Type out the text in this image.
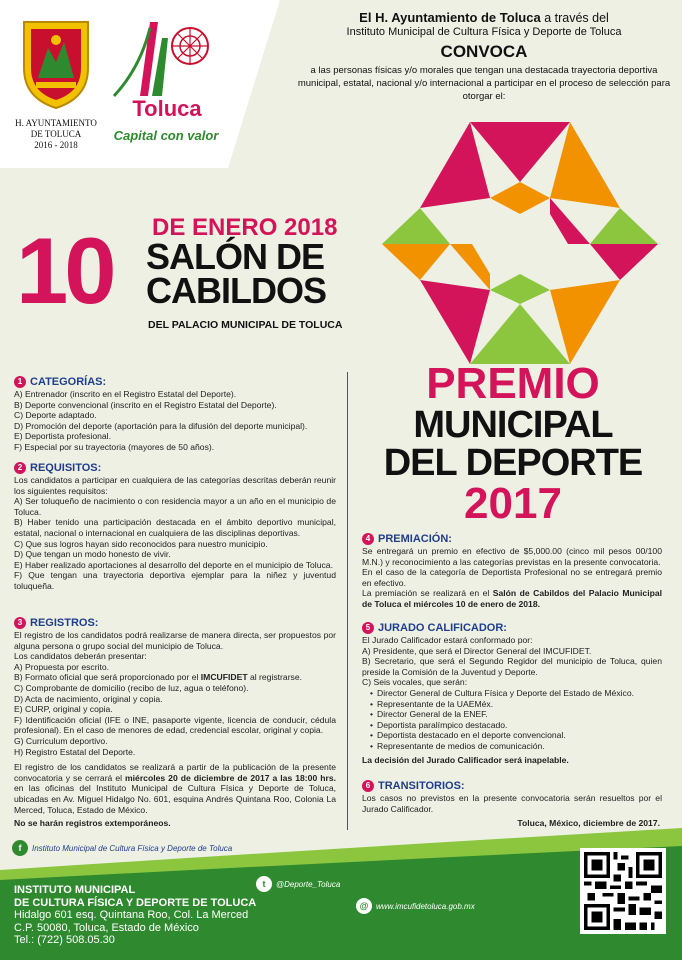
H. AYUNTAMIENTO
DE TOLUCA
2016 - 2018
Toluca
Capital con valor
El H. Ayuntamiento de Toluca a través del
Instituto Municipal de Cultura Física y Deporte de Toluca
CONVOCA
a las personas físicas y/o morales que tengan una destacada trayectoria deportiva municipal, estatal, nacional y/o internacional a participar en el proceso de selección para otorgar el:
10 DE ENERO 2018
SALÓN DE
CABILDOS
DEL PALACIO MUNICIPAL DE TOLUCA
PREMIO
MUNICIPAL
DEL DEPORTE
2017
1 CATEGORÍAS:
A) Entrenador (inscrito en el Registro Estatal del Deporte).
B) Deporte convencional (inscrito en el Registro Estatal del Deporte).
C) Deporte adaptado.
D) Promoción del deporte (aportación para la difusión del deporte municipal).
E) Deportista profesional.
F) Especial por su trayectoria (mayores de 50 años).
2 REQUISITOS:
Los candidatos a participar en cualquiera de las categorías descritas deberán reunir los siguientes requisitos:
A) Ser toluqueño de nacimiento o con residencia mayor a un año en el municipio de Toluca.
B) Haber tenido una participación destacada en el ámbito deportivo municipal, estatal, nacional o internacional en cualquiera de las disciplinas deportivas.
C) Que sus logros hayan sido reconocidos para nuestro municipio.
D) Que tengan un modo honesto de vivir.
E) Haber realizado aportaciones al desarrollo del deporte en el municipio de Toluca.
F) Que tengan una trayectoria deportiva ejemplar para la niñez y juventud toluqueña.
3 REGISTROS:
El registro de los candidatos podrá realizarse de manera directa, ser propuestos por alguna persona o grupo social del municipio de Toluca.
Los candidatos deberán presentar:
A) Propuesta por escrito.
B) Formato oficial que será proporcionado por el IMCUFIDET al registrarse.
C) Comprobante de domicilio (recibo de luz, agua o teléfono).
D) Acta de nacimiento, original y copia.
E) CURP, original y copia.
F) Identificación oficial (IFE o INE, pasaporte vigente, licencia de conducir, cédula profesional). En el caso de menores de edad, credencial escolar, original y copia.
G) Curriculum deportivo.
H) Registro Estatal del Deporte.
El registro de los candidatos se realizará a partir de la publicación de la presente convocatoria y se cerrará el miércoles 20 de diciembre de 2017 a las 18:00 hrs. en las oficinas del Instituto Municipal de Cultura Física y Deporte de Toluca, ubicadas en Av. Miguel Hidalgo No. 601, esquina Andrés Quintana Roo, Colonia La Merced, Toluca, Estado de México.
No se harán registros extemporáneos.
4 PREMIACIÓN:
Se entregará un premio en efectivo de $5,000.00 (cinco mil pesos 00/100 M.N.) y reconocimiento a las categorías previstas en la presente convocatoria.
En el caso de la categoría de Deportista Profesional no se entregará premio en efectivo.
La premiación se realizará en el Salón de Cabildos del Palacio Municipal de Toluca el miércoles 10 de enero de 2018.
5 JURADO CALIFICADOR:
El Jurado Calificador estará conformado por:
A) Presidente, que será el Director General del IMCUFIDET.
B) Secretario, que será el Segundo Regidor del municipio de Toluca, quien preside la Comisión de la Juventud y Deporte.
C) Seis vocales, que serán:
• Director General de Cultura Física y Deporte del Estado de México.
• Representante de la UAEMéx.
• Director General de la ENEF.
• Deportista paralímpico destacado.
• Deportista destacado en el deporte convencional.
• Representante de medios de comunicación.
La decisión del Jurado Calificador será inapelable.
6 TRANSITORIOS:
Los casos no previstos en la presente convocatoria serán resueltos por el Jurado Calificador.
Toluca, México, diciembre de 2017.
f	Instituto Municipal de Cultura Física y Deporte de Toluca
t	@Deporte_Toluca
@ www.imcufidetoluca.gob.mx
INSTITUTO MUNICIPAL
DE CULTURA FÍSICA Y DEPORTE DE TOLUCA
Hidalgo 601 esq. Quintana Roo, Col. La Merced
C.P. 50080, Toluca, Estado de México
Tel.: (722) 508.05.30
